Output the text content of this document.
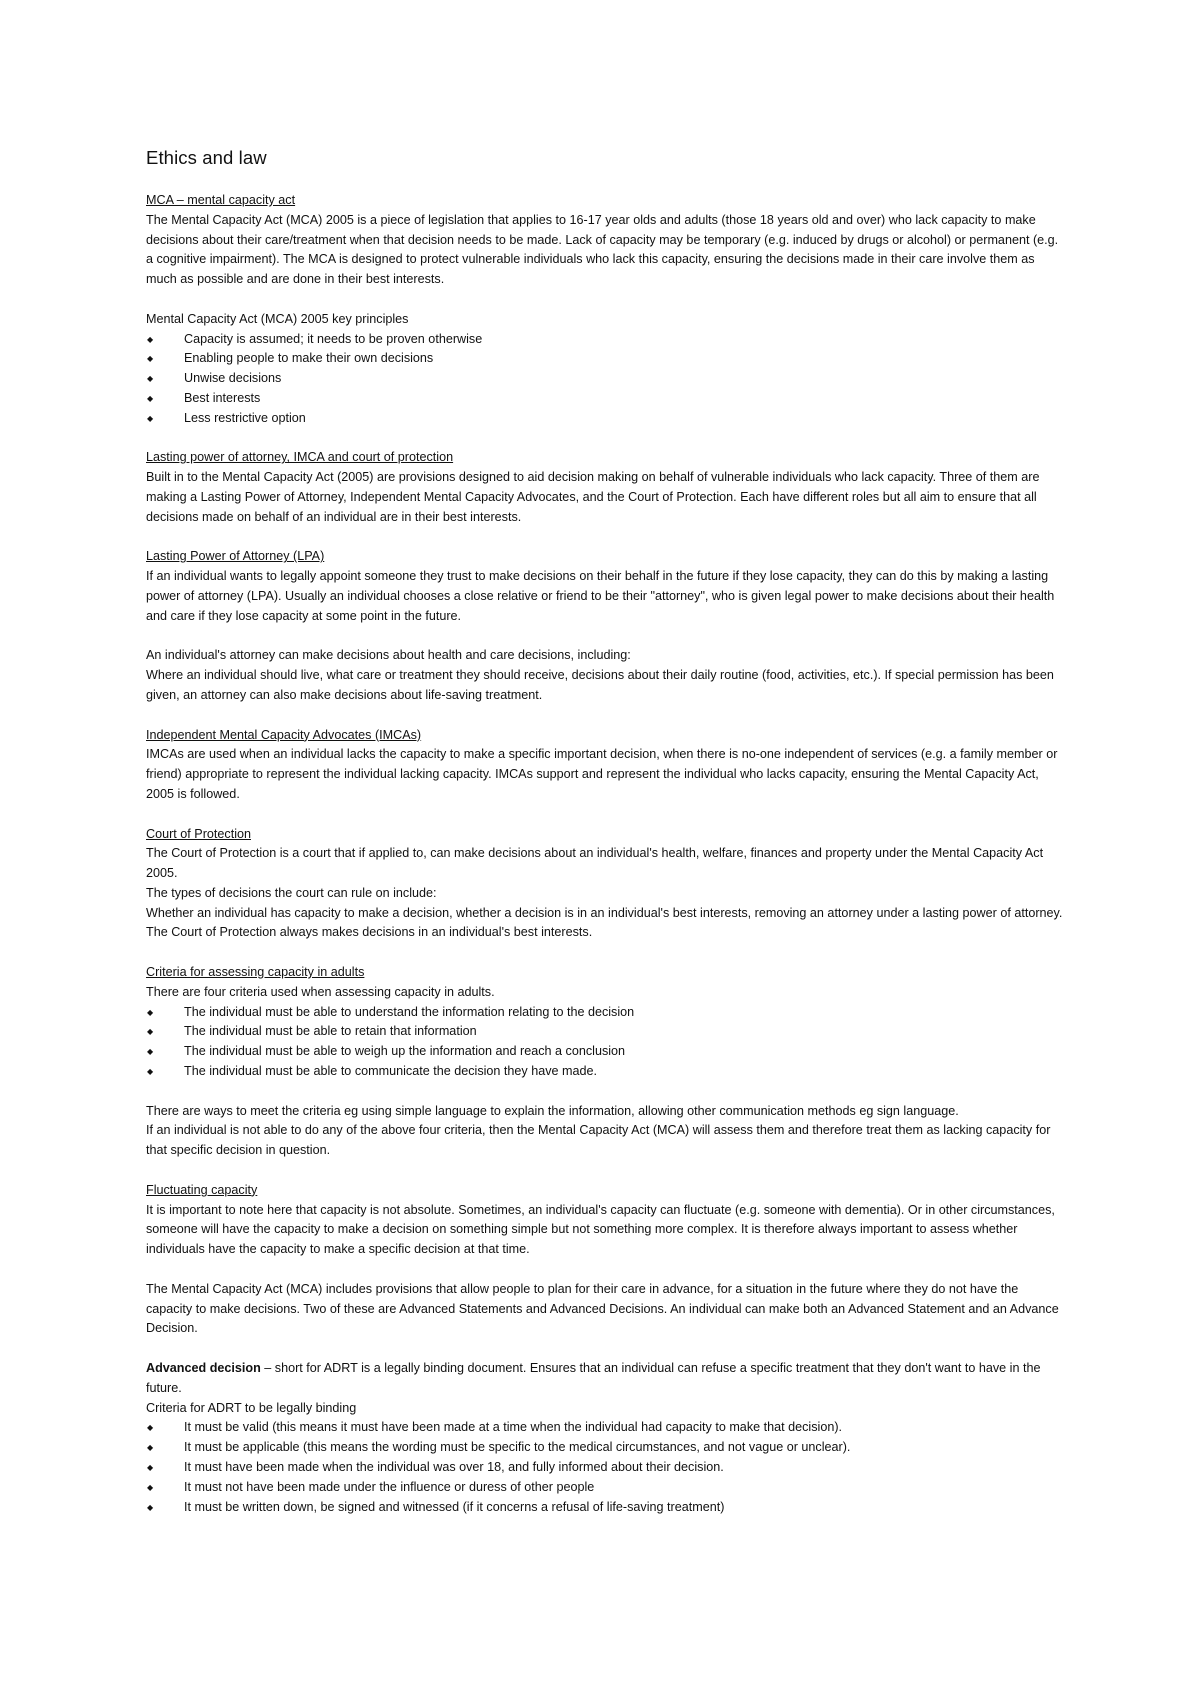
Ethics and law
MCA – mental capacity act

The Mental Capacity Act (MCA) 2005 is a piece of legislation that applies to 16-17 year olds and adults (those 18 years old and over) who lack capacity to make decisions about their care/treatment when that decision needs to be made. Lack of capacity may be temporary (e.g. induced by drugs or alcohol) or permanent (e.g. a cognitive impairment). The MCA is designed to protect vulnerable individuals who lack this capacity, ensuring the decisions made in their care involve them as much as possible and are done in their best interests.

Mental Capacity Act (MCA) 2005 key principles
◆ Capacity is assumed; it needs to be proven otherwise
◆ Enabling people to make their own decisions
◆ Unwise decisions
◆ Best interests
◆ Less restrictive option
Lasting power of attorney, IMCA and court of protection

Built in to the Mental Capacity Act (2005) are provisions designed to aid decision making on behalf of vulnerable individuals who lack capacity. Three of them are making a Lasting Power of Attorney, Independent Mental Capacity Advocates, and the Court of Protection. Each have different roles but all aim to ensure that all decisions made on behalf of an individual are in their best interests.

Lasting Power of Attorney (LPA)

If an individual wants to legally appoint someone they trust to make decisions on their behalf in the future if they lose capacity, they can do this by making a lasting power of attorney (LPA). Usually an individual chooses a close relative or friend to be their "attorney", who is given legal power to make decisions about their health and care if they lose capacity at some point in the future.

An individual's attorney can make decisions about health and care decisions, including:

Where an individual should live, what care or treatment they should receive, decisions about their daily routine (food, activities, etc.). If special permission has been given, an attorney can also make decisions about life-saving treatment.

Independent Mental Capacity Advocates (IMCAs)

IMCAs are used when an individual lacks the capacity to make a specific important decision, when there is no-one independent of services (e.g. a family member or friend) appropriate to represent the individual lacking capacity. IMCAs support and represent the individual who lacks capacity, ensuring the Mental Capacity Act, 2005 is followed.

Court of Protection

The Court of Protection is a court that if applied to, can make decisions about an individual's health, welfare, finances and property under the Mental Capacity Act 2005.

The types of decisions the court can rule on include:

Whether an individual has capacity to make a decision, whether a decision is in an individual's best interests, removing an attorney under a lasting power of attorney. The Court of Protection always makes decisions in an individual's best interests.

Criteria for assessing capacity in adults

There are four criteria used when assessing capacity in adults.

◆ The individual must be able to understand the information relating to the decision
◆ The individual must be able to retain that information
◆ The individual must be able to weigh up the information and reach a conclusion
◆ The individual must be able to communicate the decision they have made.

There are ways to meet the criteria eg using simple language to explain the information, allowing other communication methods eg sign language.

If an individual is not able to do any of the above four criteria, then the Mental Capacity Act (MCA) will assess them and therefore treat them as lacking capacity for that specific decision in question.

Fluctuating capacity

It is important to note here that capacity is not absolute. Sometimes, an individual's capacity can fluctuate (e.g. someone with dementia). Or in other circumstances, someone will have the capacity to make a decision on something simple but not something more complex. It is therefore always important to assess whether individuals have the capacity to make a specific decision at that time.

The Mental Capacity Act (MCA) includes provisions that allow people to plan for their care in advance, for a situation in the future where they do not have the capacity to make decisions. Two of these are Advanced Statements and Advanced Decisions. An individual can make both an Advanced Statement and an Advance Decision.

Advanced decision – short for ADRT is a legally binding document. Ensures that an individual can refuse a specific treatment that they don't want to have in the future.

Criteria for ADRT to be legally binding

◆ It must be valid (this means it must have been made at a time when the individual had capacity to make that decision).
◆ It must be applicable (this means the wording must be specific to the medical circumstances, and not vague or unclear).
◆ It must have been made when the individual was over 18, and fully informed about their decision.
◆ It must not have been made under the influence or duress of other people
◆ It must be written down, be signed and witnessed (if it concerns a refusal of life-saving treatment)
